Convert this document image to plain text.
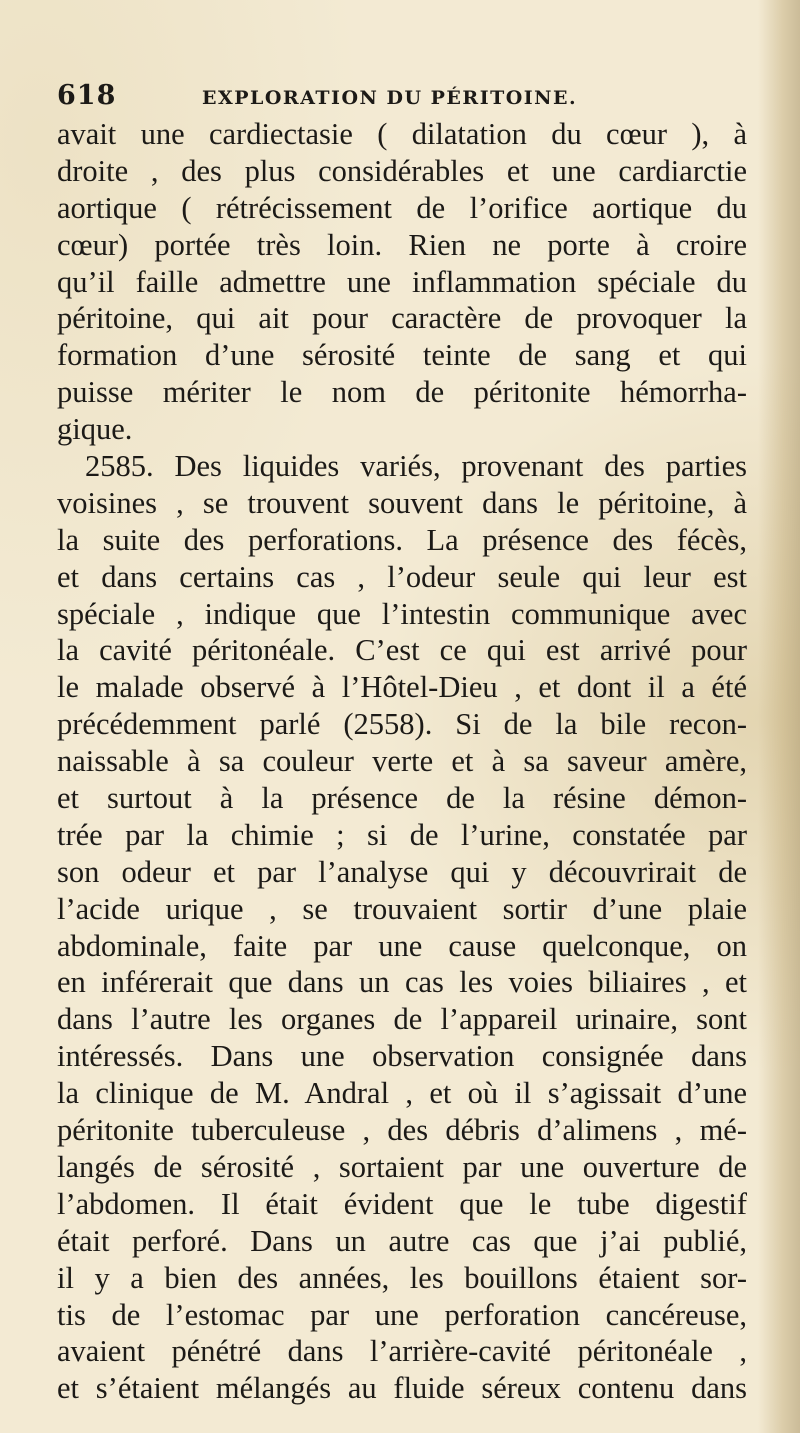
618	EXPLORATION DU PÉRITOINE.
avait une cardiectasie ( dilatation du cœur ), à
droite , des plus considérables et une cardiarctie
aortique ( rétrécissement de l’orifice aortique du
cœur) portée très loin. Rien ne porte à croire
qu’il faille admettre une inflammation spéciale du
péritoine, qui ait pour caractère de provoquer la
formation d’une sérosité teinte de sang et qui
puisse mériter le nom de péritonite hémorrha-
gique.
2585. Des liquides variés, provenant des parties
voisines , se trouvent souvent dans le péritoine, à
la suite des perforations. La présence des fécès,
et dans certains cas , l’odeur seule qui leur est
spéciale , indique que l’intestin communique avec
la cavité péritonéale. C’est ce qui est arrivé pour
le malade observé à l’Hôtel-Dieu , et dont il a été
précédemment parlé (2558). Si de la bile recon-
naissable à sa couleur verte et à sa saveur amère,
et surtout à la présence de la résine démon-
trée par la chimie ; si de l’urine, constatée par
son odeur et par l’analyse qui y découvrirait de
l’acide urique , se trouvaient sortir d’une plaie
abdominale, faite par une cause quelconque, on
en inférerait que dans un cas les voies biliaires , et
dans l’autre les organes de l’appareil urinaire, sont
intéressés. Dans une observation consignée dans
la clinique de M. Andral , et où il s’agissait d’une
péritonite tuberculeuse , des débris d’alimens , mé-
langés de sérosité , sortaient par une ouverture de
l’abdomen. Il était évident que le tube digestif
était perforé. Dans un autre cas que j’ai publié,
il y a bien des années, les bouillons étaient sor-
tis de l’estomac par une perforation cancéreuse,
avaient pénétré dans l’arrière-cavité péritonéale ,
et s’étaient mélangés au fluide séreux contenu dans
